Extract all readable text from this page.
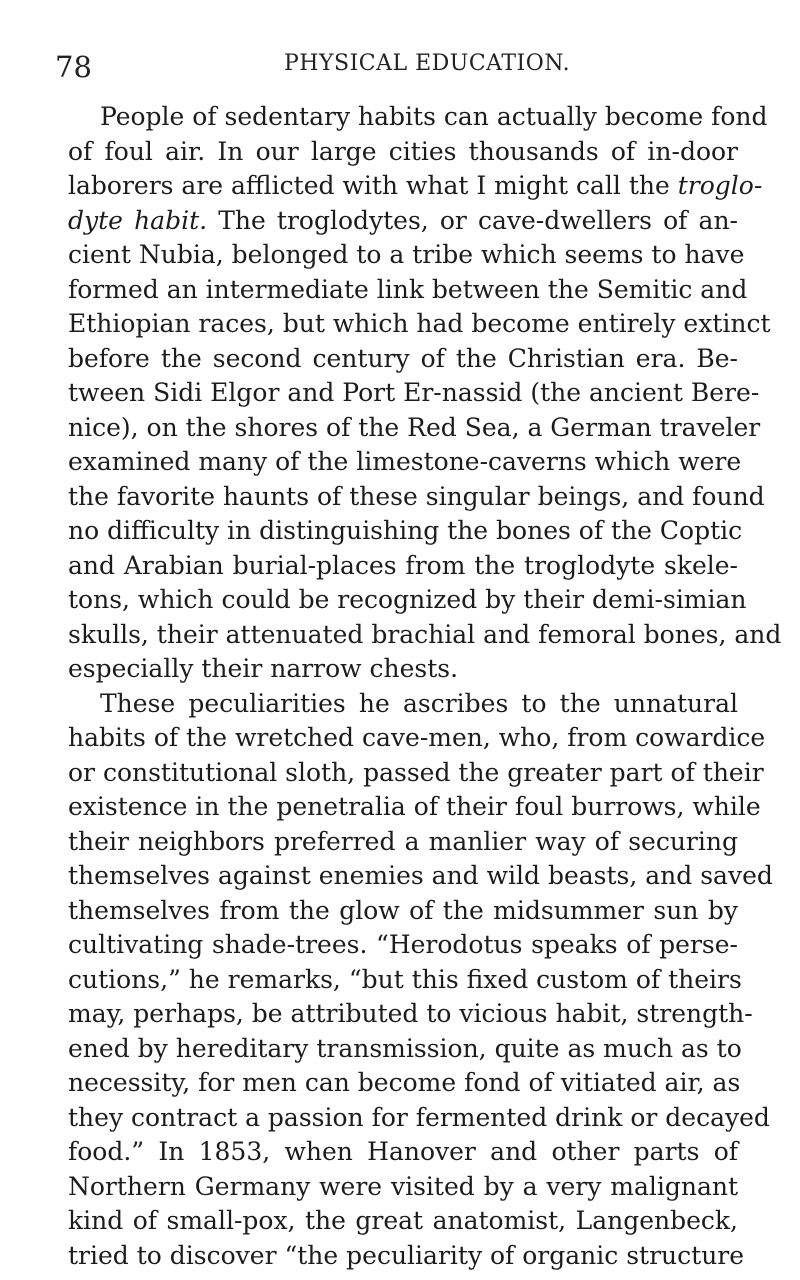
78	PHYSICAL EDUCATION.
People of sedentary habits can actually become fond
of foul air. In our large cities thousands of in-door
laborers are afflicted with what I might call the troglo-
dyte habit. The troglodytes, or cave-dwellers of an-
cient Nubia, belonged to a tribe which seems to have
formed an intermediate link between the Semitic and
Ethiopian races, but which had become entirely extinct
before the second century of the Christian era. Be-
tween Sidi Elgor and Port Er-nassid (the ancient Bere-
nice), on the shores of the Red Sea, a German traveler
examined many of the limestone-caverns which were
the favorite haunts of these singular beings, and found
no difficulty in distinguishing the bones of the Coptic
and Arabian burial-places from the troglodyte skele-
tons, which could be recognized by their demi-simian
skulls, their attenuated brachial and femoral bones, and
especially their narrow chests.
These peculiarities he ascribes to the unnatural
habits of the wretched cave-men, who, from cowardice
or constitutional sloth, passed the greater part of their
existence in the penetralia of their foul burrows, while
their neighbors preferred a manlier way of securing
themselves against enemies and wild beasts, and saved
themselves from the glow of the midsummer sun by
cultivating shade-trees. “Herodotus speaks of perse-
cutions,” he remarks, “but this fixed custom of theirs
may, perhaps, be attributed to vicious habit, strength-
ened by hereditary transmission, quite as much as to
necessity, for men can become fond of vitiated air, as
they contract a passion for fermented drink or decayed
food.” In 1853, when Hanover and other parts of
Northern Germany were visited by a very malignant
kind of small-pox, the great anatomist, Langenbeck,
tried to discover “the peculiarity of organic structure
